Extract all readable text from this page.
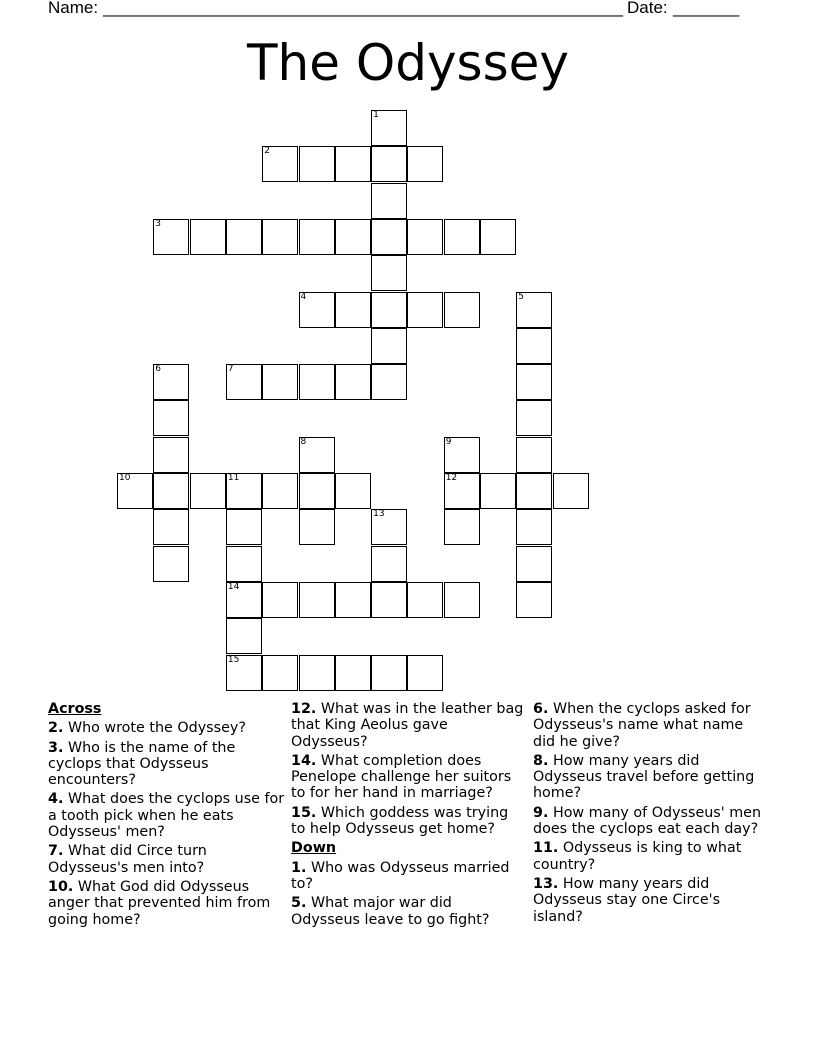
Name: _______________________________________________________ Date: _______
The Odyssey
2
3
4
7
10	11	12
14
15
1
5
6
8	9
13
Across
2. Who wrote the Odyssey?
3. Who is the name of the cyclops that Odysseus encounters?
4. What does the cyclops use for a tooth pick when he eats Odysseus' men?
7. What did Circe turn Odysseus's men into?
10. What God did Odysseus anger that prevented him from going home?
12. What was in the leather bag that King Aeolus gave Odysseus?
14. What completion does Penelope challenge her suitors to for her hand in marriage?
15. Which goddess was trying to help Odysseus get home?
Down
1. Who was Odysseus married to?
5. What major war did Odysseus leave to go fight?
6. When the cyclops asked for Odysseus's name what name did he give?
8. How many years did Odysseus travel before getting home?
9. How many of Odysseus' men does the cyclops eat each day?
11. Odysseus is king to what country?
13. How many years did Odysseus stay one Circe's island?
